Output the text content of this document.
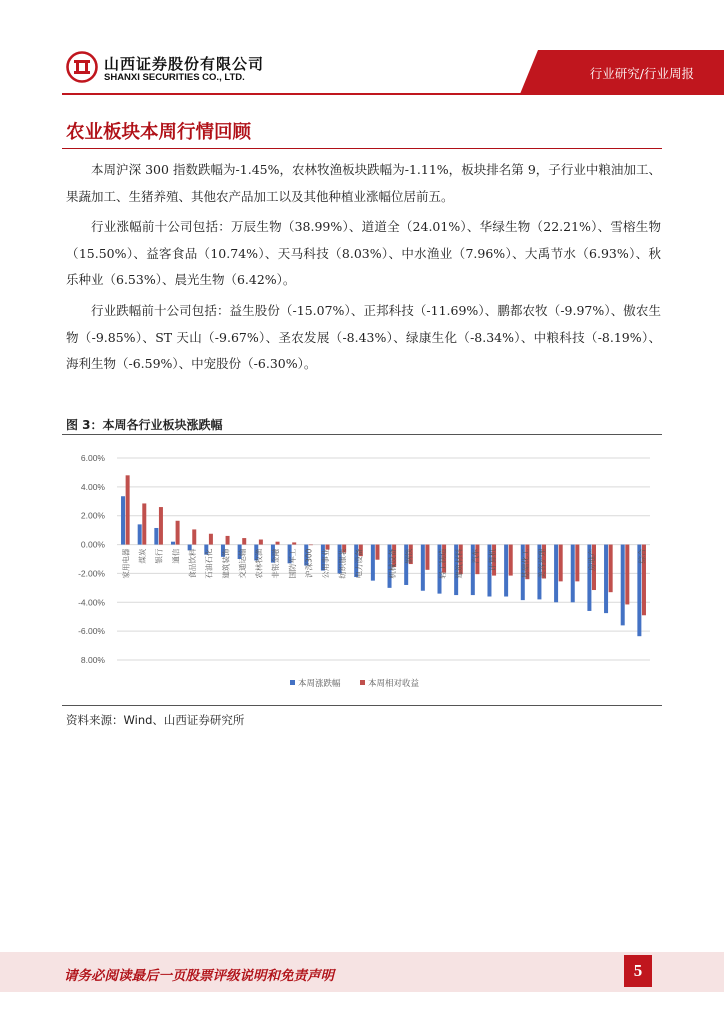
山西证券股份有限公司
SHANXI SECURITIES CO., LTD.	行业研究/行业周报
农业板块本周行情回顾
本周沪深 300 指数跌幅为-1.45%，农林牧渔板块跌幅为-1.11%，板块排名第 9，子行业中粮油加工、果蔬加工、生猪养殖、其他农产品加工以及其他种植业涨幅位居前五。
行业涨幅前十公司包括：万辰生物（38.99%）、道道全（24.01%）、华绿生物（22.21%）、雪榕生物（15.50%）、益客食品（10.74%）、天马科技（8.03%）、中水渔业（7.96%）、大禹节水（6.93%）、秋乐种业（6.53%）、晨光生物（6.42%）。
行业跌幅前十公司包括：益生股份（-15.07%）、正邦科技（-11.69%）、鹏都农牧（-9.97%）、傲农生物（-9.85%）、ST 天山（-9.67%）、圣农发展（-8.43%）、绿康生化（-8.34%）、中粮科技（-8.19%）、海利生物（-6.59%）、中宠股份（-6.30%）。
图 3：本周各行业板块涨跌幅
6.00%
4.00%
2.00%
0.00%
-2.00%
-4.00%
-6.00%
8.00%
家用电器 煤炭 银行 通信 食品饮料 石油石化 建筑装饰 交通运输 农林牧渔 非银金融 国防军工 沪深300 公用事业 纺织服装 电力设备	机械设备 钢铁	轻工制造 建筑材料 汽车 计算机	基础化工 美容护理	房地产	综合
本周涨跌幅	本周相对收益
资料来源：Wind、山西证券研究所
请务必阅读最后一页股票评级说明和免责声明	5
